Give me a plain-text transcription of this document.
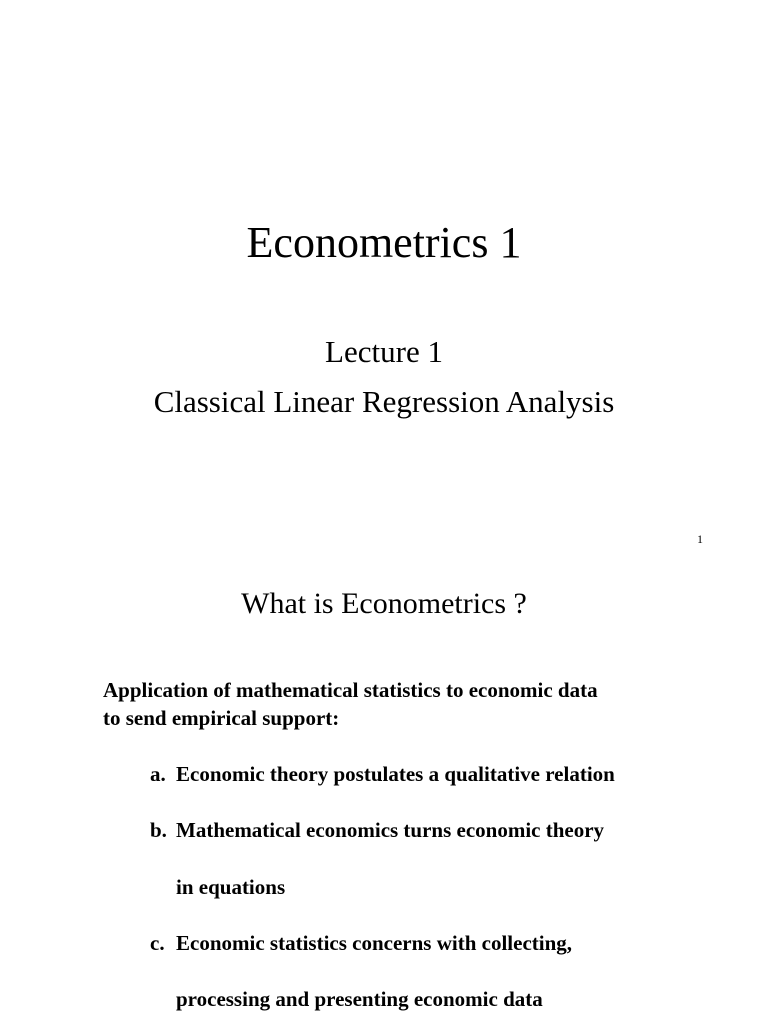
Econometrics 1
Lecture 1
Classical Linear Regression Analysis
1
What is Econometrics ?
Application of mathematical statistics to economic data
to send empirical support:
a. Economic theory postulates a qualitative relation
b. Mathematical economics turns economic theory
in equations
c. Economic statistics concerns with collecting,
processing and presenting economic data
